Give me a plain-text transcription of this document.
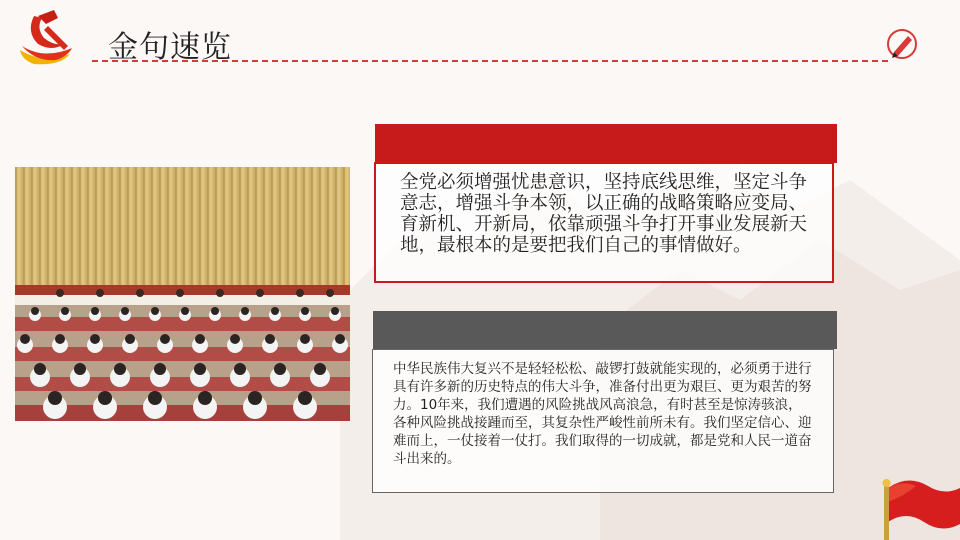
金句速览
全党必须增强忧患意识，坚持底线思维，坚定斗争意志，增强斗争本领，以正确的战略策略应变局、育新机、开新局，依靠顽强斗争打开事业发展新天地，最根本的是要把我们自己的事情做好。
中华民族伟大复兴不是轻轻松松、敲锣打鼓就能实现的，必须勇于进行具有许多新的历史特点的伟大斗争，准备付出更为艰巨、更为艰苦的努力。10年来，我们遭遇的风险挑战风高浪急，有时甚至是惊涛骇浪，各种风险挑战接踵而至，其复杂性严峻性前所未有。我们坚定信心、迎难而上，一仗接着一仗打。我们取得的一切成就，都是党和人民一道奋斗出来的。
